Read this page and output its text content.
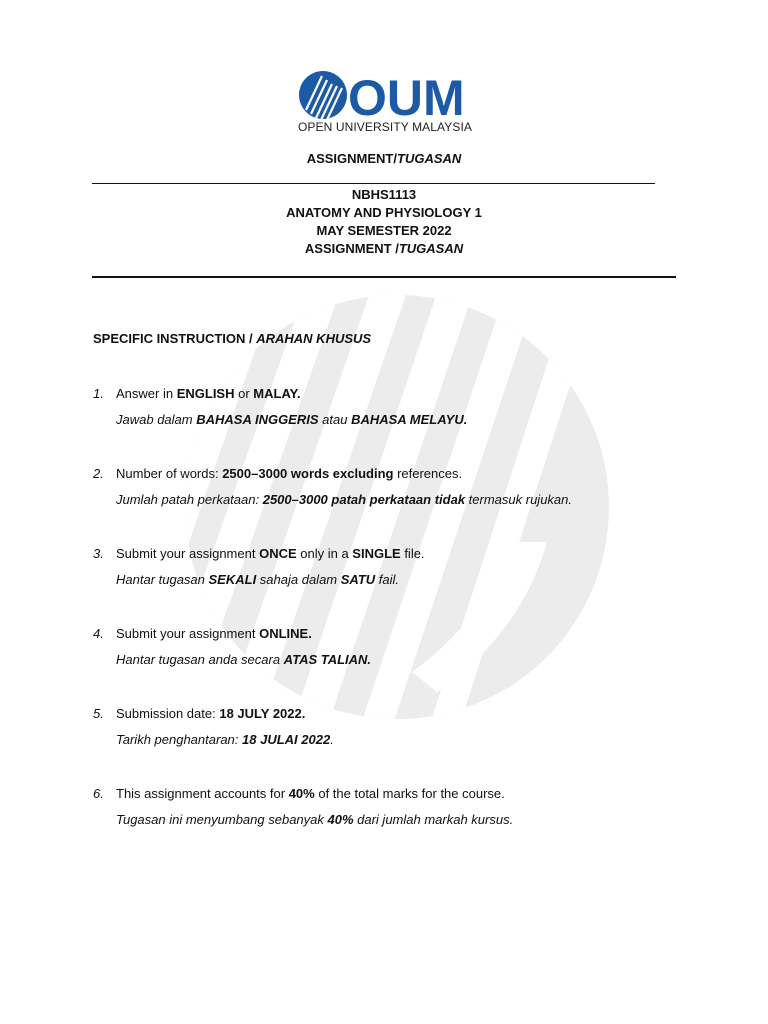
OUM
OPEN UNIVERSITY MALAYSIA
ASSIGNMENT/TUGASAN
NBHS1113
ANATOMY AND PHYSIOLOGY 1
MAY SEMESTER 2022
ASSIGNMENT /TUGASAN
SPECIFIC INSTRUCTION / ARAHAN KHUSUS
1. Answer in ENGLISH or MALAY.
Jawab dalam BAHASA INGGERIS atau BAHASA MELAYU.
2. Number of words: 2500–3000 words excluding references.
Jumlah patah perkataan: 2500–3000 patah perkataan tidak termasuk rujukan.
3. Submit your assignment ONCE only in a SINGLE file.
Hantar tugasan SEKALI sahaja dalam SATU fail.
4. Submit your assignment ONLINE.
Hantar tugasan anda secara ATAS TALIAN.
5. Submission date: 18 JULY 2022.
Tarikh penghantaran: 18 JULAI 2022.
6. This assignment accounts for 40% of the total marks for the course.
Tugasan ini menyumbang sebanyak 40% dari jumlah markah kursus.
